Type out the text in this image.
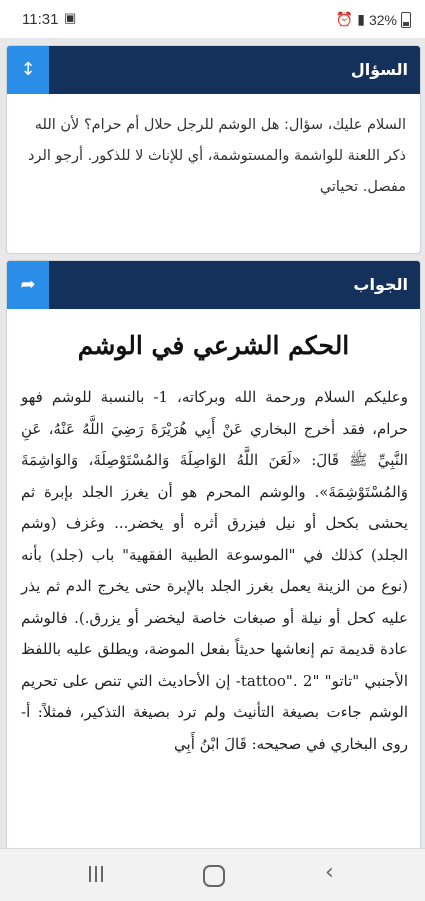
11:31 ▣	⏰ ▮ 32%
السؤال
↕
السلام عليك، سؤال: هل الوشم للرجل حلال أم حرام؟ لأن الله ذكر اللعنة للواشمة والمستوشمة، أي للإناث لا للذكور. أرجو الرد مفصل. تحياتي
الجواب
➦
الحكم الشرعي في الوشم
وعليكم السلام ورحمة الله وبركاته، 1- بالنسبة للوشم فهو حرام، فقد أخرج البخاري عَنْ أَبِي هُرَيْرَةَ رَضِيَ اللَّهُ عَنْهُ، عَنِ النَّبِيِّ ﷺ قَالَ: «لَعَنَ اللَّهُ الوَاصِلَةَ وَالمُسْتَوْصِلَةَ، وَالوَاشِمَةَ وَالمُسْتَوْشِمَةَ». والوشم المحرم هو أن يغرز الجلد بإبرة ثم يحشى بكحل أو نيل فيزرق أثره أو يخضر... وغزف (وشم الجلد) كذلك في "الموسوعة الطبية الفقهية" باب (جلد) بأنه (نوع من الزينة يعمل بغرز الجلد بالإبرة حتى يخرج الدم ثم يذر عليه كحل أو نيلة أو صبغات خاصة ليخضر أو يزرق.). فالوشم عادة قديمة تم إنعاشها حديثاً بفعل الموضة، ويطلق عليه باللفظ الأجنبي "تاتو" "tattoo". 2- إن الأحاديث التي تنص على تحريم الوشم جاءت بصيغة التأنيث ولم ترد بصيغة التذكير، فمثلاً: أ- روى البخاري في صحيحه: قَالَ ابْنُ أَبِي
‹
